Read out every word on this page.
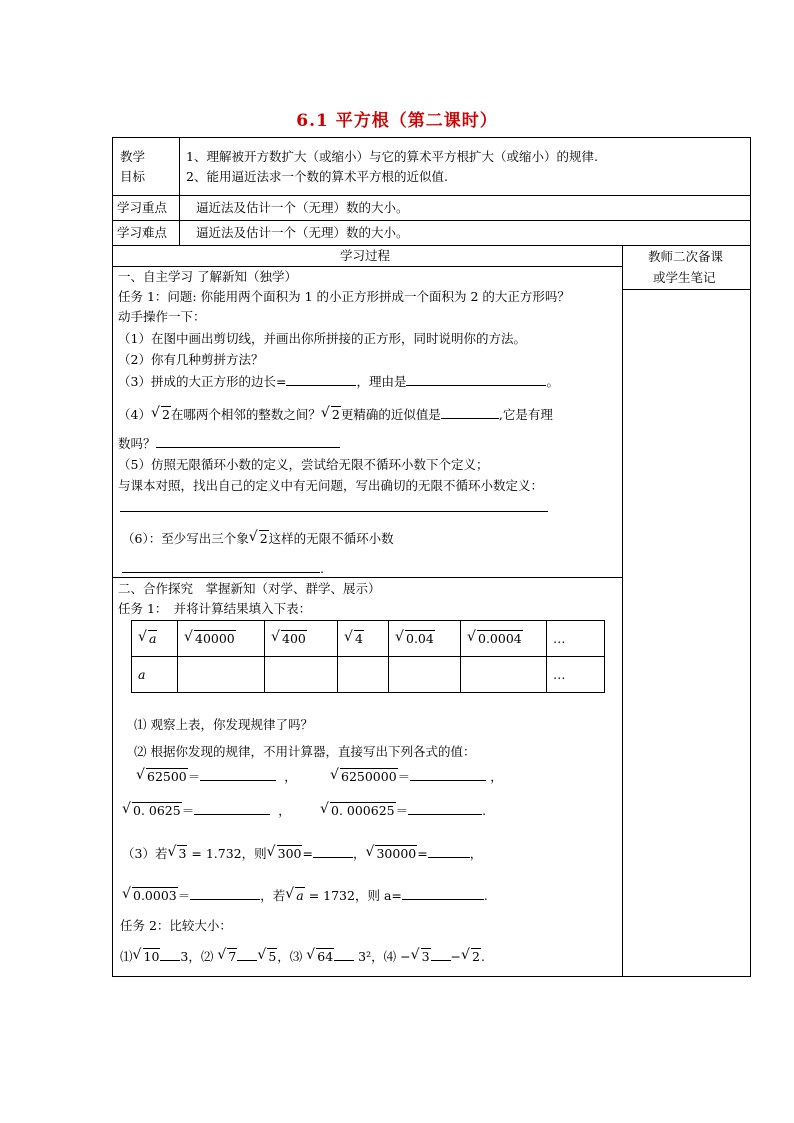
6.1 平方根（第二课时）
教学
目标
1、理解被开方数扩大（或缩小）与它的算术平方根扩大（或缩小）的规律.
2、能用逼近法求一个数的算术平方根的近似值.
学习重点 逼近法及估计一个（无理）数的大小。
学习难点 逼近法及估计一个（无理）数的大小。
学习过程	教师二次备课
或学生笔记
一、自主学习 了解新知（独学）
任务 1：问题: 你能用两个面积为 1 的小正方形拼成一个面积为 2 的大正方形吗？
动手操作一下：
（1）在图中画出剪切线，并画出你所拼接的正方形，同时说明你的方法。
（2）你有几种剪拼方法？
（3）拼成的大正方形的边长=	，理由是	。
（4） √ 2在哪两个相邻的整数之间？ √ 2更精确的近似值是	,它是有理
数吗？
（5）仿照无限循环小数的定义，尝试给无限不循环小数下个定义；
与课本对照，找出自己的定义中有无问题，写出确切的无限不循环小数定义：
（6）：至少写出三个象 √ 2这样的无限不循环小数
.
二、合作探究　掌握新知（对学、群学、展示）
任务 1：　并将计算结果填入下表：
√ a	√ 40000	√ 400	√ 4	√ 0.04	√ 0.0004	…
a						…
⑴ 观察上表，你发现规律了吗？
⑵ 根据你发现的规律，不用计算器，直接写出下列各式的值：
√ 62500＝	，	√ 6250000＝	，
√ 0. 0625＝	，	√ 0. 000625＝	.
（3）若 √ 3 = 1.732，则 √ 300=	， √ 30000=	，
√ 0.0003＝	，若 √ a = 1732，则 a=	.
任务 2：比较大小：
⑴ √ 10 3，⑵ √ 7	√ 5，⑶ √ 64 3²，⑷ − √ 3 − √ 2.
